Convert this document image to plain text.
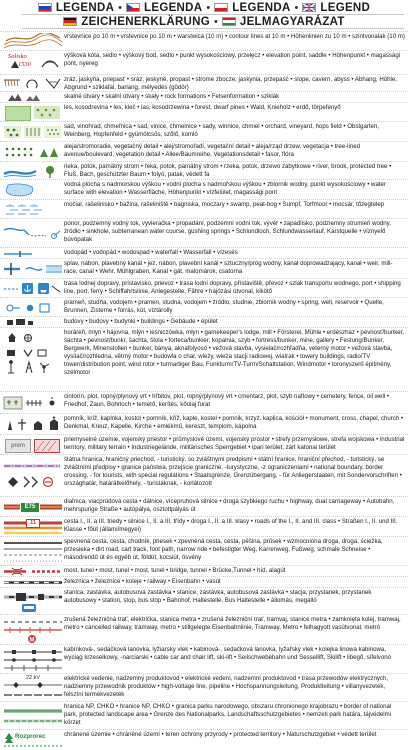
LEGENDA • LEGENDA • LEGENDA • LEGEND
ZEICHENERKLÄRUNG • JELMAGYARÁZAT
vrstevnice po 10 m • vrstevnice po 10 m • warstwica (10 m) • contour lines at 10 m • Höhenlinien zu 10 m • szintvonalak (10 m)
Solisko
1530
výšková kóta, sedlo • výškový bod, sedlo • punkt wysokościowy, przełęcz • elevation point, saddle • Höhenpunkt • magassági pont, nyereg
zráz, jaskyňa, priepasť • sráz, jeskyně, propast • strome zbocze, jaskynia, przepaść • slope, cavern, abyss • Abhang, Höhle, Abgrund • sziklafal, barlang, mélyedés (gödör)
skalné útvary • skalní útvary • skały • rock formations • Felsenformation • sziklák
les, kosodrevina • les, kleč • las, kosodrzewina • forest, dwarf pines • Wald, Knieholz • erdő, törpefenyő
sad, vinohrad, chmeľnica • sad, vinice, chmelnice • sady, winnice, chmiel • orchard, vineyard, hops field • Obstgarten, Weinberg, Hopfenfeld • gyümölcsös, szőlő, komló
aleja/stromoradie, vegetačný detail • alej/stromořadí, vegetační detail • aleja/rząd drzew, vegetacja • tree-lined avenue/boulevard, vegetation detail • Allee/Baumreihe, Vegetationsdetail • fasor, flóra
rieka, potok, pamätný strom • řeka, potok, památný strom • rzeka, potok, drzewo zabytkowe • river, brook, protected tree • Fluß, Bach, geschützter Baum • folyó, patak, védett fa
·
vodná plocha s nadmorskou výškou • vodní plocha s nadmořskou výškou • zbiornik wodny, punkt wysokościowy • water surface with elevation • Wasserfläche, Höhenpunkt • vízfelület, magassági pont
močiar, rašelinisko • bažina, rašeliniště • bagniska, moczary • swamp, peat-bog • Sumpf, Torfmoor • mocsár, tőzegtelep
ponor, podzemný vodný tok, vyvieračka • propadání, podzemní vodní tok, vývěr • zapadlisko, podziemny strumień wodny, źródło • sinkhole, subterranean water course, gushing springs • Schlundloch, Schlundwasserlauf, Karstquelle • víznyelő búvópatak
vodopád • vodopád • wodospad • waterfall • Wasserfall • vízesés
splav, nábon, plavebný kanál • jez, nábon, plavební kanál • sztuczny/próg wodny, kanał doprowadzający, kanał • weir, mill-race, canal • Wehr, Mühlgraben, Kanal • gát, malomárok, csatorna
trasa lodnej dopravy, prístavisko, prievoz • trasa lodní dopravy, přístaviště, převoz • szlak transportu wodnego, port • shipping line, port, ferry • Schiffahrtslinie, Anlegestelle, Fähre • hajózási útvonal, kikötő
prameň, studňa, vodojem • pramen, studna, vodojem • źródło, studnie, zbiornik wodny • spring, well, reservoir • Quelle, Brunnen, Zisterne • forrás, kút, víztárolly
budovy • budovy • budynki • buildings • Gebäude • épület
horáreň, mlyn • hájovna, mlýn • leśniczówka, młyn • gamekeeper's lodge, mill • Försterei, Mühle • erdészház • pevnosť/bunker, šachta • pevnost/bunkr, šachta, štola • forteca/bunkier, kopalnia, szyb • fortress/bunker, mine, gallery • Festung/Bunker, Bergwerk, Minenstollen • bunker, bánya, aknafolyosó • vežová stavba, vysielač/rozhľadňa, veterný motor • vežová stavba, vysílač/rozhledna, větrný motor • budowla o char. wieży, wieża stacji radiowej, wiatrak • towery buildings, radio/TV tower/distribution point, wind rotor • turmartiger Bau, Funkturm/TV-Turm/Schaltstation, Windmotor • toronyszerű épitmény, szélmotor
cintorín, plot, ropný/plynový vrt • hřbitov, plot, ropný/plynový vrt • cmentarz, płot, szyb naftowy • cemetery, fence, oil well • Friedhof, Zaun, Bohrloch • temető, kerítés, kőolaj furat
pomník, kríž, kaplnka, kostol • pomník, kříž, kaple, kostel • pomnik, krzyż, kaplica, kościół • monument, cross, chapel, church • Denkmal, Kreuz, Kapelle, Kirche • emlékmű, kereszt, templom, kápolna
prem
priemyselné územie, vojenský priestor • průmyslové území, vojenský prostor • strefy przemysłowe, strefa wojskowa • industrial territory, military terrain • Industriegelände, militärisches Sperrgebiet • ipari terület, zárt katonai terület
štátna hranica, hraničný priechod, - turistický, so zvláštnymi predpismi • státní hranice, hraniční přechod, - turistický, se zvláštními předpisy • granice państwa, przejście graniczne, -turystyczne, -z ograniczeniami • national boundary, border crossing, - for tourists, with special regulations • Staatsgrenze, Grenzübergang, - für Anliegerstaaten, mit Sondervorschriften • országhatár, határátkelőhely, - turistáknak, - korlátozott
E75
diaľnica, viacprúdová cesta • dálnice, vícepruhová silnice • droga szybkiego ruchu • highway, dual carriageway • Autobahn, mehrspurige Straße • autópálya, osztottpályás út
11	cesta I., II. a III. triedy • silnice I., II. a III. třídy • droga I., II. a III. klasy • roads of the I., II. and III. class • Straßen I., II. und III. Klasse • főút (állami/megyei)
spevnená cesta, cesta, chodník, priesek • zpevněná cesta, cesta, pěšina, průsek • wzmocniona droga, droga, ścieżka, przesieka • dirt road, cart track, foot path, narrow ride • befestigter Weg, Karrenweg, Fußweg, schmale Schneise • másodrendű út és egyéb út, földút, kocsiút, ösvény
most, tunel • most, tunel • most, tunel • bridge, tunnel • Brücke,Tunnel • híd, alagút
železnica • železnice • kolejе • railway • Eisenbahn • vasút
stanica, zastávka, autobusová zastávka • stanice, zastávka, autobusová zastávka • stacja, przystanek, przystanek autobusowy • station, stop, bus stop • Bahnhof, Haltestelle, Bus Haltestelle • állomás, megálló
M
zrušená železničná trať, električka, stanica metra • zrušená železniční trať, tramvaj, stanice metra • zamknięta kolej, tramwaj, metro • cancelled railway, tramway, metro • stillgelegte Eisenbahnlinie, Tramway, Metro • felhagyott vasútvonal, metró
kabínková-, sedačková lanovka, lyžiarsky vlek • kabinová-, sedačková lanovka, lyžařský vlek • kolejka linowa kabinowa, wyciąg krzesełkowy, -narciarski • cable car and chair lift, ski-lift • Seilschwebebahn und Sessellift, Skilift • libegő, sífelvonó
22 kV	elektrické vedenie, nadzemný produktovod • elektrické vedení, nadzemní produktovod • trasa przewodów elektrycznych, nadziemny przewodnik produktów • high-voltage line, pipeline • Hochspannungsleitung, Produktleitung • villanyvezeték, felszíni termékvezeték
hranica NP, CHKO • hranice NP, CHKO • granica parku narodowego, obszaru chronionego krajobrazu • border of national park, protected landscape area • Grenze des Nationalparks, Landschaftsschutzgebietes • nemzeti park határa, tájvédelmi körzet
Rozprorec	chránené územie • chráněné území • teren ochrony przyrody • protected territory • Naturschutzgebiet • védett terület
